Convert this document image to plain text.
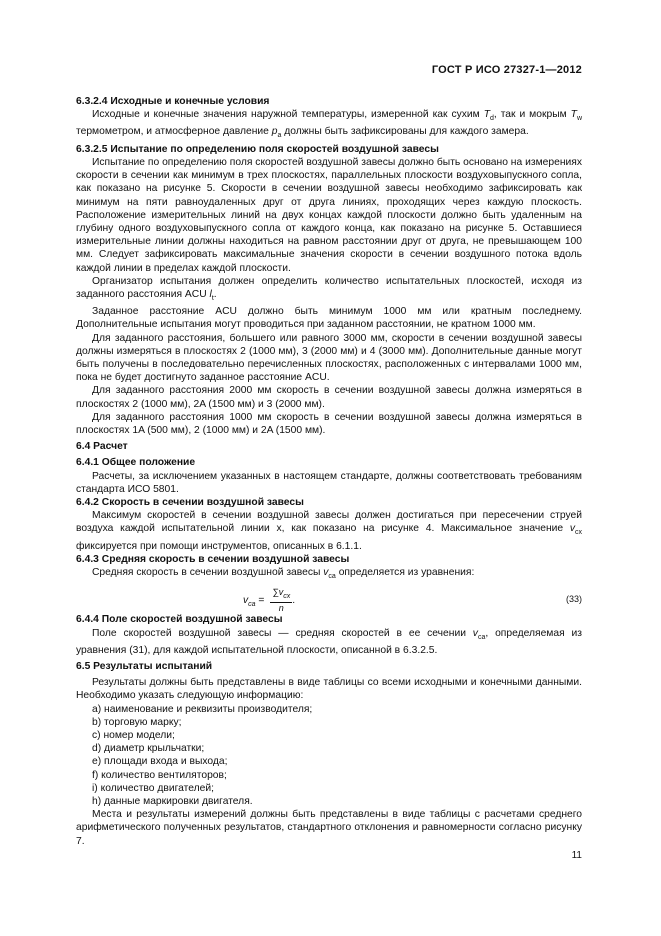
ГОСТ Р ИСО 27327-1—2012
6.3.2.4 Исходные и конечные условия

Исходные и конечные значения наружной температуры, измеренной как сухим $T_d$, так и мокрым $T_w$ термометром, и атмосферное давление $p_a$ должны быть зафиксированы для каждого замера.

6.3.2.5 Испытание по определению поля скоростей воздушной завесы

Испытание по определению поля скоростей воздушной завесы должно быть основано на измерениях скорости в сечении как минимум в трех плоскостях, параллельных плоскости воздуховыпускного сопла, как показано на рисунке 5. Скорости в сечении воздушной завесы необходимо зафиксировать как минимум на пяти равноудаленных друг от друга линиях, проходящих через каждую плоскость. Расположение измерительных линий на двух концах каждой плоскости должно быть удаленным на глубину одного воздуховыпускного сопла от каждого конца, как показано на рисунке 5. Оставшиеся измерительные линии должны находиться на равном расстоянии друг от друга, не превышающем 100 мм. Следует зафиксировать максимальные значения скорости в сечении воздушного потока вдоль каждой линии в пределах каждой плоскости.

Организатор испытания должен определить количество испытательных плоскостей, исходя из заданного расстояния ACU $l_t$.

Заданное расстояние ACU должно быть минимум 1000 мм или кратным последнему. Дополнительные испытания могут проводиться при заданном расстоянии, не кратном 1000 мм.

Для заданного расстояния, большего или равного 3000 мм, скорости в сечении воздушной завесы должны измеряться в плоскостях 2 (1000 мм), 3 (2000 мм) и 4 (3000 мм). Дополнительные данные могут быть получены в последовательно перечисленных плоскостях, расположенных с интервалами 1000 мм, пока не будет достигнуто заданное расстояние ACU.

Для заданного расстояния 2000 мм скорость в сечении воздушной завесы должна измеряться в плоскостях 2 (1000 мм), 2A (1500 мм) и 3 (2000 мм).

Для заданного расстояния 1000 мм скорость в сечении воздушной завесы должна измеряться в плоскостях 1A (500 мм), 2 (1000 мм) и 2A (1500 мм).

6.4 Расчет
6.4.1 Общее положение

Расчеты, за исключением указанных в настоящем стандарте, должны соответствовать требованиям стандарта ИСО 5801.

6.4.2 Скорость в сечении воздушной завесы

Максимум скоростей в сечении воздушной завесы должен достигаться при пересечении струей воздуха каждой испытательной линии x, как показано на рисунке 4. Максимальное значение $v_{cx}$ фиксируется при помощи инструментов, описанных в 6.1.1.

6.4.3 Средняя скорость в сечении воздушной завесы

Средняя скорость в сечении воздушной завесы $v_{ca}$ определяется из уравнения:

$v_{ca} = \frac{\sum v_{cx}}{n}$ .	(33)
6.4.4 Поле скоростей воздушной завесы

Поле скоростей воздушной завесы — средняя скоростей в ее сечении $v_{ca}$, определяемая из уравнения (31), для каждой испытательной плоскости, описанной в 6.3.2.5.

6.5 Результаты испытаний

Результаты должны быть представлены в виде таблицы со всеми исходными и конечными данными. Необходимо указать следующую информацию:

a) наименование и реквизиты производителя;
b) торговую марку;
c) номер модели;
d) диаметр крыльчатки;
e) площади входа и выхода;
f) количество вентиляторов;
i) количество двигателей;
h) данные маркировки двигателя.

Места и результаты измерений должны быть представлены в виде таблицы с расчетами среднего арифметического полученных результатов, стандартного отклонения и равномерности согласно рисунку 7.

11
